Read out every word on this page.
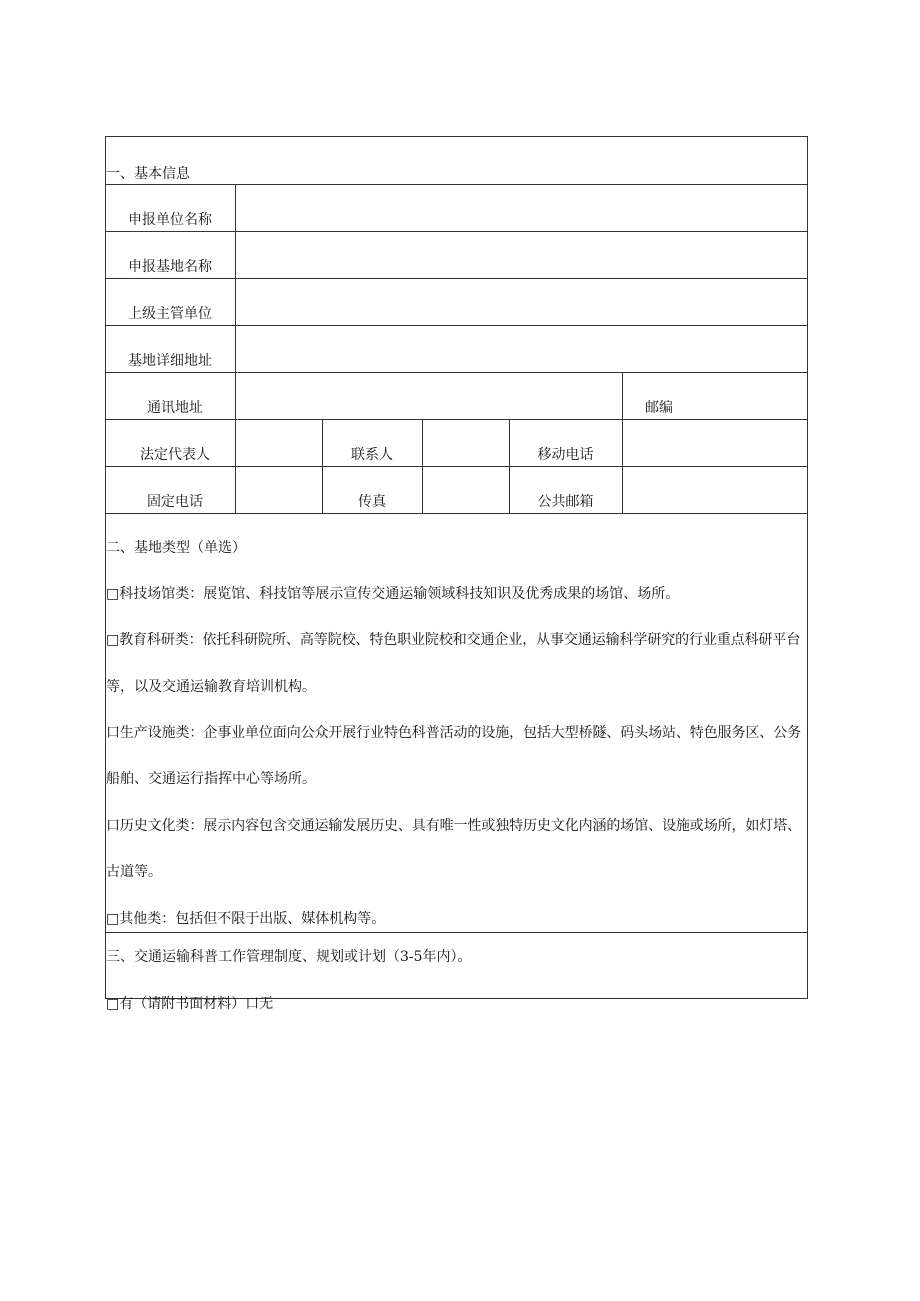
一、基本信息
申报单位名称
申报基地名称
上级主管单位
基地详细地址
通讯地址	邮编
法定代表人	联系人	移动电话
固定电话	传真	公共邮箱
二、基地类型（单选）
□科技场馆类：展览馆、科技馆等展示宣传交通运输领域科技知识及优秀成果的场馆、场所。
□教育科研类：依托科研院所、高等院校、特色职业院校和交通企业，从事交通运输科学研究的行业重点科研平台
等，以及交通运输教育培训机构。
口生产设施类：企事业单位面向公众开展行业特色科普活动的设施，包括大型桥隧、码头场站、特色服务区、公务
船舶、交通运行指挥中心等场所。
口历史文化类：展示内容包含交通运输发展历史、具有唯一性或独特历史文化内涵的场馆、设施或场所，如灯塔、
古道等。
□其他类：包括但不限于出版、媒体机构等。
三、交通运输科普工作管理制度、规划或计划（3-5年内）。
□有（请附书面材料）口无
